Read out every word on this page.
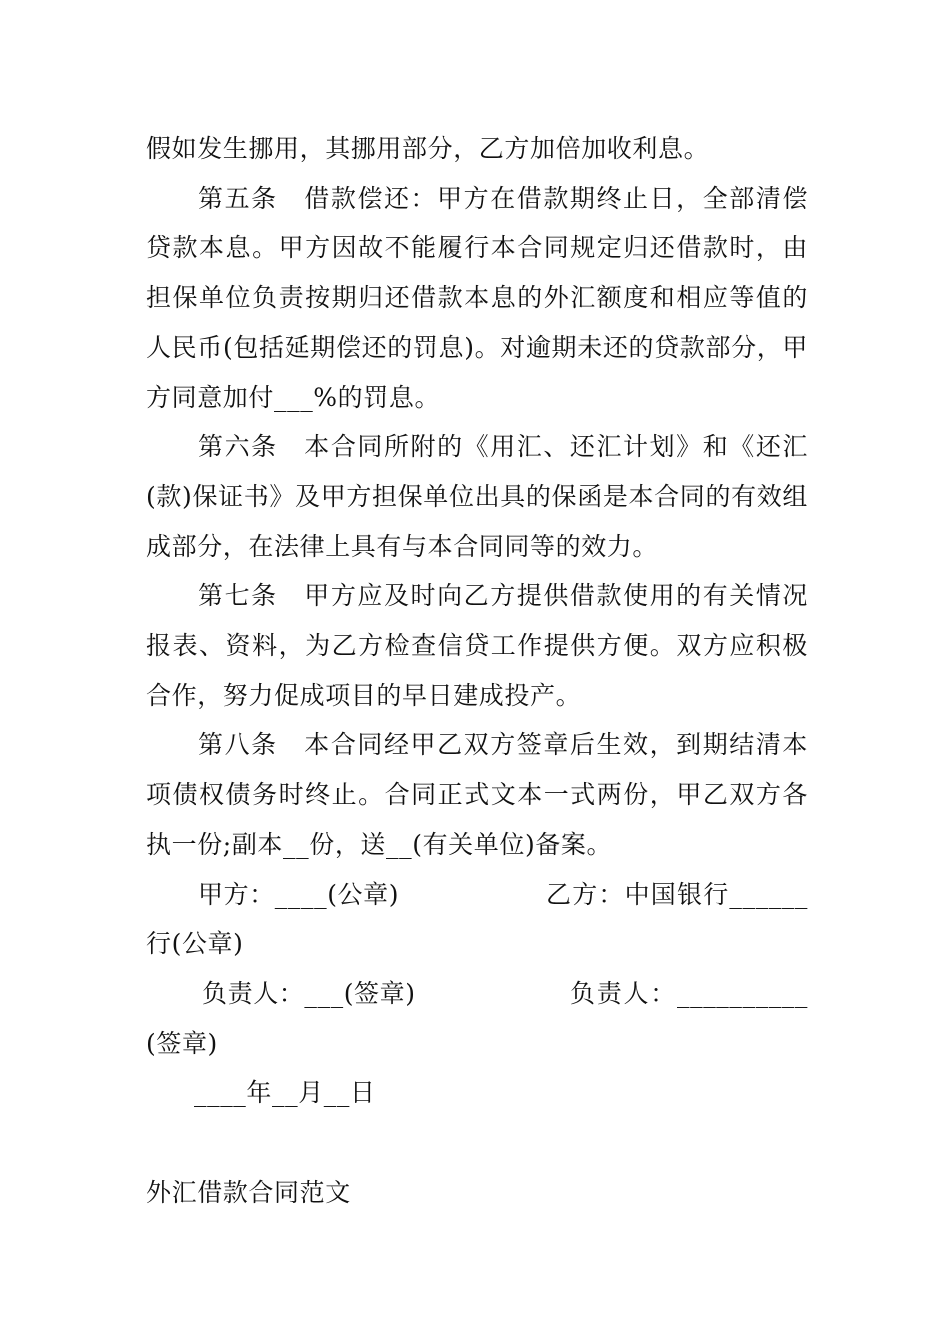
假如发生挪用，其挪用部分，乙方加倍加收利息。

第五条　借款偿还：甲方在借款期终止日，全部清偿贷款本息。甲方因故不能履行本合同规定归还借款时，由担保单位负责按期归还借款本息的外汇额度和相应等值的人民币(包括延期偿还的罚息)。对逾期未还的贷款部分，甲方同意加付___%的罚息。

第六条　本合同所附的《用汇、还汇计划》和《还汇(款)保证书》及甲方担保单位出具的保函是本合同的有效组成部分，在法律上具有与本合同同等的效力。

第七条　甲方应及时向乙方提供借款使用的有关情况报表、资料，为乙方检查信贷工作提供方便。双方应积极合作，努力促成项目的早日建成投产。

第八条　本合同经甲乙双方签章后生效，到期结清本项债权债务时终止。合同正式文本一式两份，甲乙双方各执一份;副本__份，送__(有关单位)备案。

甲方：____(公章)	乙方：中国银行______

行(公章)

负责人：___(签章)	负责人：__________

(签章)

____年__月__日

外汇借款合同范文
